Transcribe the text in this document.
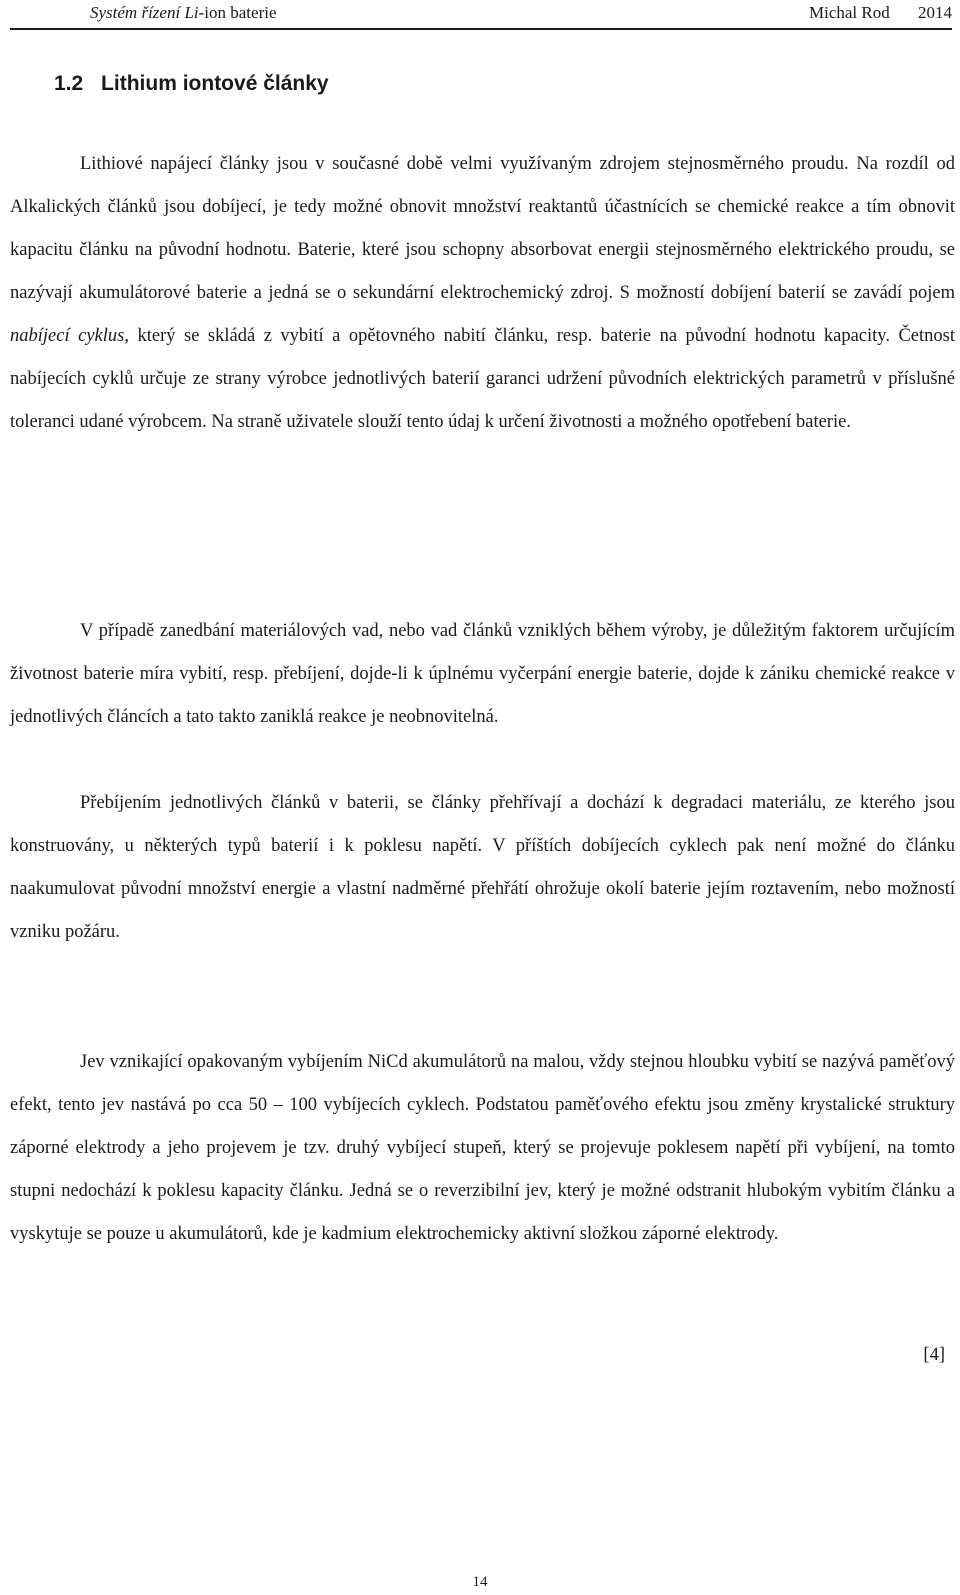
Systém řízení Li-ion baterie	Michal Rod 2014
1.2 Lithium iontové články

Lithiové napájecí články jsou v současné době velmi využívaným zdrojem stejnosměrného proudu. Na rozdíl od Alkalických článků jsou dobíjecí, je tedy možné obnovit množství reaktantů účastnících se chemické reakce a tím obnovit kapacitu článku na původní hodnotu. Baterie, které jsou schopny absorbovat energii stejnosměrného elektrického proudu, se nazývají akumulátorové baterie a jedná se o sekundární elektrochemický zdroj. S možností dobíjení baterií se zavádí pojem nabíjecí cyklus, který se skládá z vybití a opětovného nabití článku, resp. baterie na původní hodnotu kapacity. Četnost nabíjecích cyklů určuje ze strany výrobce jednotlivých baterií garanci udržení původních elektrických parametrů v příslušné toleranci udané výrobcem. Na straně uživatele slouží tento údaj k určení životnosti a možného opotřebení baterie.

V případě zanedbání materiálových vad, nebo vad článků vzniklých během výroby, je důležitým faktorem určujícím životnost baterie míra vybití, resp. přebíjení, dojde-li k úplnému vyčerpání energie baterie, dojde k zániku chemické reakce v jednotlivých článcích a tato takto zaniklá reakce je neobnovitelná.

Přebíjením jednotlivých článků v baterii, se články přehřívají a dochází k degradaci materiálu, ze kterého jsou konstruovány, u některých typů baterií i k poklesu napětí. V příštích dobíjecích cyklech pak není možné do článku naakumulovat původní množství energie a vlastní nadměrné přehřátí ohrožuje okolí baterie jejím roztavením, nebo možností vzniku požáru.

Jev vznikající opakovaným vybíjením NiCd akumulátorů na malou, vždy stejnou hloubku vybití se nazývá paměťový efekt, tento jev nastává po cca 50 – 100 vybíjecích cyklech. Podstatou paměťového efektu jsou změny krystalické struktury záporné elektrody a jeho projevem je tzv. druhý vybíjecí stupeň, který se projevuje poklesem napětí při vybíjení, na tomto stupni nedochází k poklesu kapacity článku. Jedná se o reverzibilní jev, který je možné odstranit hlubokým vybitím článku a vyskytuje se pouze u akumulátorů, kde je kadmium elektrochemicky aktivní složkou záporné elektrody.

[4]
14
